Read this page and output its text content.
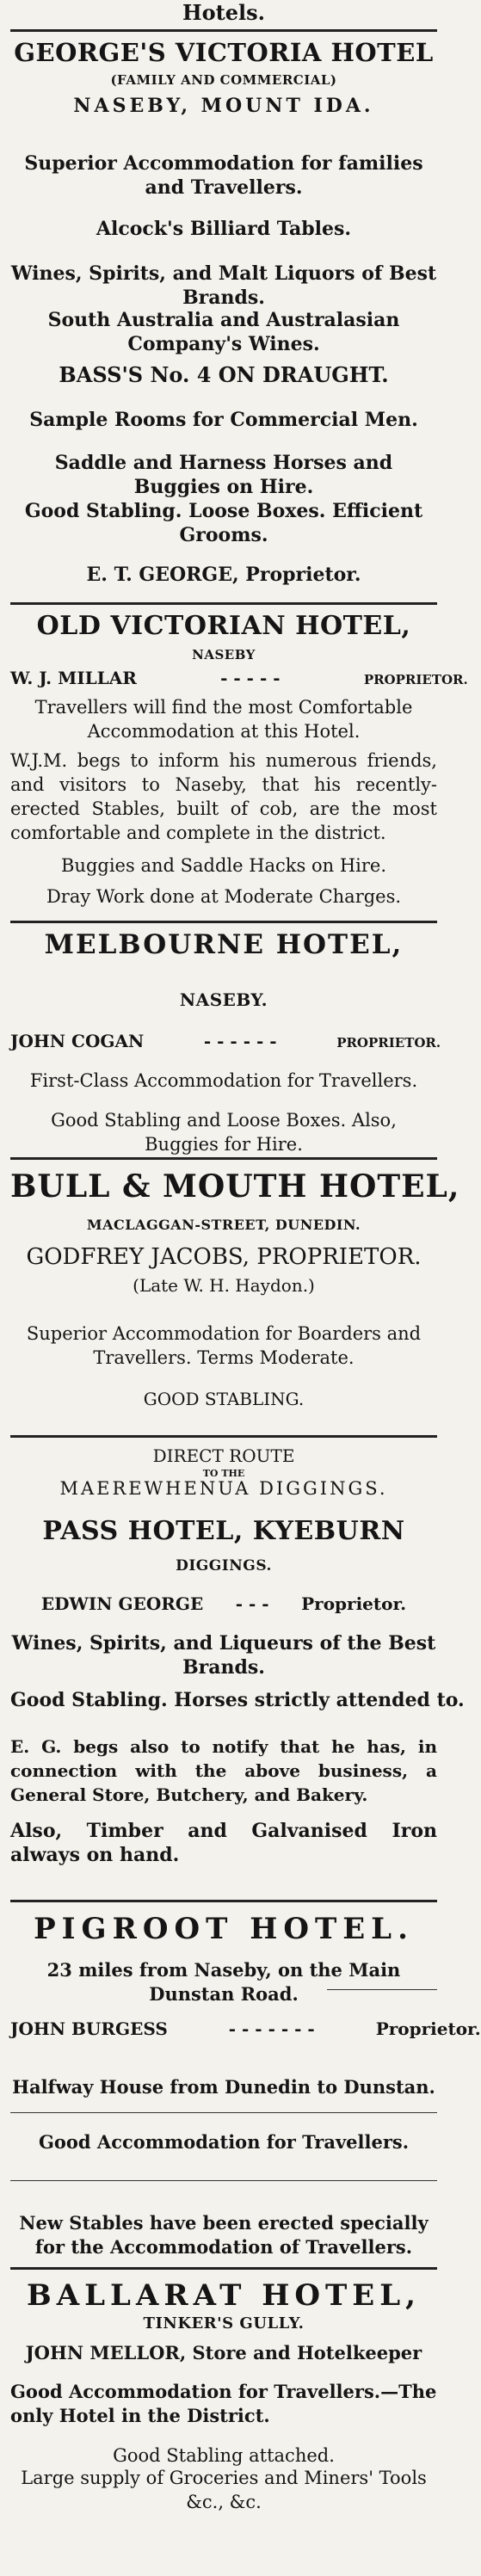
Hotels.
GEORGE'S VICTORIA HOTEL
(FAMILY AND COMMERCIAL)
NASEBY, MOUNT IDA.
Superior Accommodation for families and Travellers.
Alcock's Billiard Tables.
Wines, Spirits, and Malt Liquors of Best Brands.
South Australia and Australasian Company's Wines.
BASS'S No. 4 ON DRAUGHT.
Sample Rooms for Commercial Men.
Saddle and Harness Horses and Buggies on Hire.
Good Stabling. Loose Boxes. Efficient Grooms.
E. T. GEORGE, Proprietor.
OLD VICTORIAN HOTEL,
NASEBY
W. J. MILLAR	- - - - -	PROPRIETOR.
Travellers will find the most Comfortable Accommodation at this Hotel.
W.J.M. begs to inform his numerous friends, and visitors to Naseby, that his recently-erected Stables, built of cob, are the most comfortable and complete in the district.
Buggies and Saddle Hacks on Hire.
Dray Work done at Moderate Charges.
MELBOURNE HOTEL,
NASEBY.
JOHN COGAN	- - - - - -	PROPRIETOR.
First-Class Accommodation for Travellers.
Good Stabling and Loose Boxes. Also, Buggies for Hire.
BULL & MOUTH HOTEL,
MACLAGGAN-STREET, DUNEDIN.
GODFREY JACOBS, PROPRIETOR.
(Late W. H. Haydon.)
Superior Accommodation for Boarders and Travellers. Terms Moderate.
GOOD STABLING.
DIRECT ROUTE
TO THE
MAEREWHENUA DIGGINGS.
PASS HOTEL, KYEBURN
DIGGINGS.
EDWIN GEORGE - - - Proprietor.
Wines, Spirits, and Liqueurs of the Best Brands.
Good Stabling. Horses strictly attended to.
E. G. begs also to notify that he has, in connection with the above business, a General Store, Butchery, and Bakery.
Also, Timber and Galvanised Iron always on hand.
PIGROOT HOTEL.
23 miles from Naseby, on the Main Dunstan Road.
JOHN BURGESS	- - - - - - -	Proprietor.
Halfway House from Dunedin to Dunstan.
Good Accommodation for Travellers.
New Stables have been erected specially for the Accommodation of Travellers.
BALLARAT HOTEL,
TINKER'S GULLY.
JOHN MELLOR, Store and Hotelkeeper
Good Accommodation for Travellers.—The only Hotel in the District.
Good Stabling attached.
Large supply of Groceries and Miners' Tools &c., &c.
